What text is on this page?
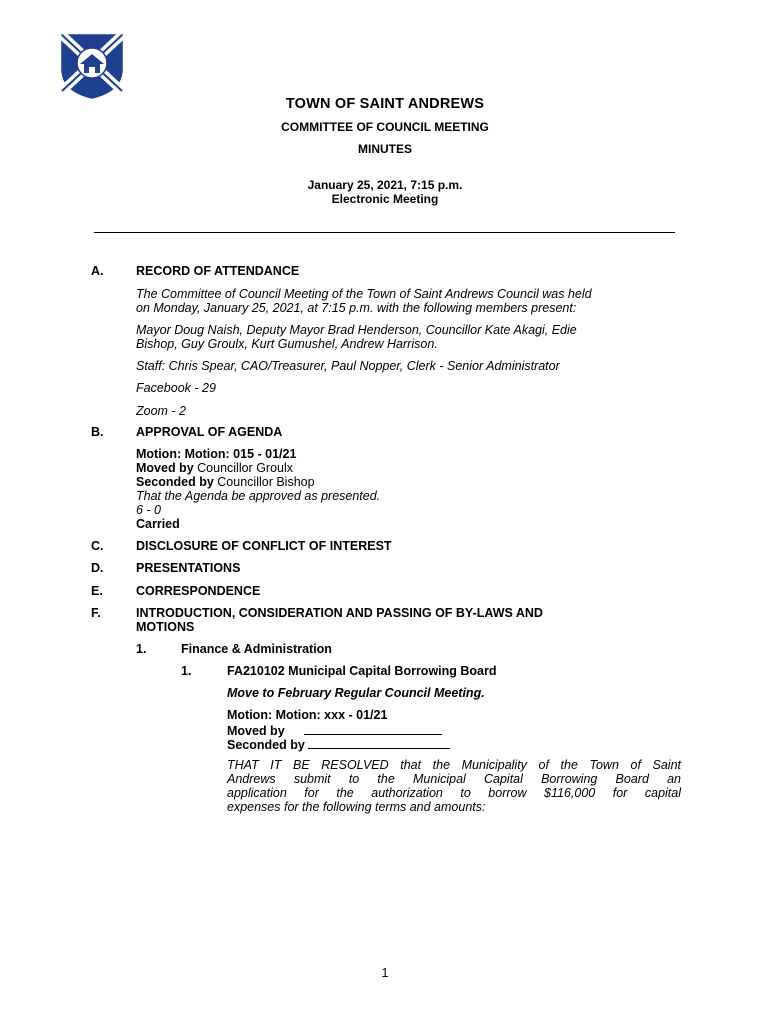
TOWN OF SAINT ANDREWS
COMMITTEE OF COUNCIL MEETING
MINUTES
January 25, 2021, 7:15 p.m.
Electronic Meeting
A.	RECORD OF ATTENDANCE
The Committee of Council Meeting of the Town of Saint Andrews Council was held
on Monday, January 25, 2021, at 7:15 p.m. with the following members present:
Mayor Doug Naish, Deputy Mayor Brad Henderson, Councillor Kate Akagi, Edie
Bishop, Guy Groulx, Kurt Gumushel, Andrew Harrison.
Staff: Chris Spear, CAO/Treasurer, Paul Nopper, Clerk - Senior Administrator
Facebook - 29
Zoom - 2
B.	APPROVAL OF AGENDA
Motion: Motion: 015 - 01/21
Moved by Councillor Groulx
Seconded by Councillor Bishop
That the Agenda be approved as presented.
6 - 0
Carried
C.	DISCLOSURE OF CONFLICT OF INTEREST
D.	PRESENTATIONS
E.	CORRESPONDENCE
F.	INTRODUCTION, CONSIDERATION AND PASSING OF BY-LAWS AND
MOTIONS
1.	Finance & Administration
1.	FA210102 Municipal Capital Borrowing Board
Move to February Regular Council Meeting.
Motion: Motion: xxx - 01/21
Moved by
Seconded by
THAT IT BE RESOLVED that the Municipality of the Town of Saint
Andrews submit to the Municipal Capital Borrowing Board an
application for the authorization to borrow $116,000 for capital
expenses for the following terms and amounts:
1
